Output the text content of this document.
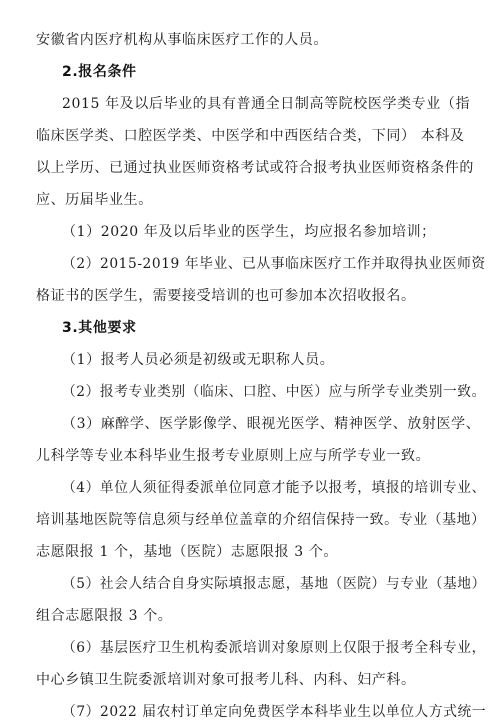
安徽省内医疗机构从事临床医疗工作的人员。
2.报名条件
2015 年及以后毕业的具有普通全日制高等院校医学类专业（指
临床医学类、口腔医学类、中医学和中西医结合类，下同） 本科及
以上学历、已通过执业医师资格考试或符合报考执业医师资格条件的
应、历届毕业生。
（1）2020 年及以后毕业的医学生，均应报名参加培训；
（2）2015-2019 年毕业、已从事临床医疗工作并取得执业医师资
格证书的医学生，需要接受培训的也可参加本次招收报名。
3.其他要求
（1）报考人员必须是初级或无职称人员。
（2）报考专业类别（临床、口腔、中医）应与所学专业类别一致。
（3）麻醉学、医学影像学、眼视光医学、精神医学、放射医学、
儿科学等专业本科毕业生报考专业原则上应与所学专业一致。
（4）单位人须征得委派单位同意才能予以报考，填报的培训专业、
培训基地医院等信息须与经单位盖章的介绍信保持一致。专业（基地）
志愿限报 1 个，基地（医院）志愿限报 3 个。
（5）社会人结合自身实际填报志愿，基地（医院）与专业（基地）
组合志愿限报 3 个。
（6）基层医疗卫生机构委派培训对象原则上仅限于报考全科专业，
中心乡镇卫生院委派培训对象可报考儿科、内科、妇产科。
（7）2022 届农村订单定向免费医学本科毕业生以单位人方式统一
